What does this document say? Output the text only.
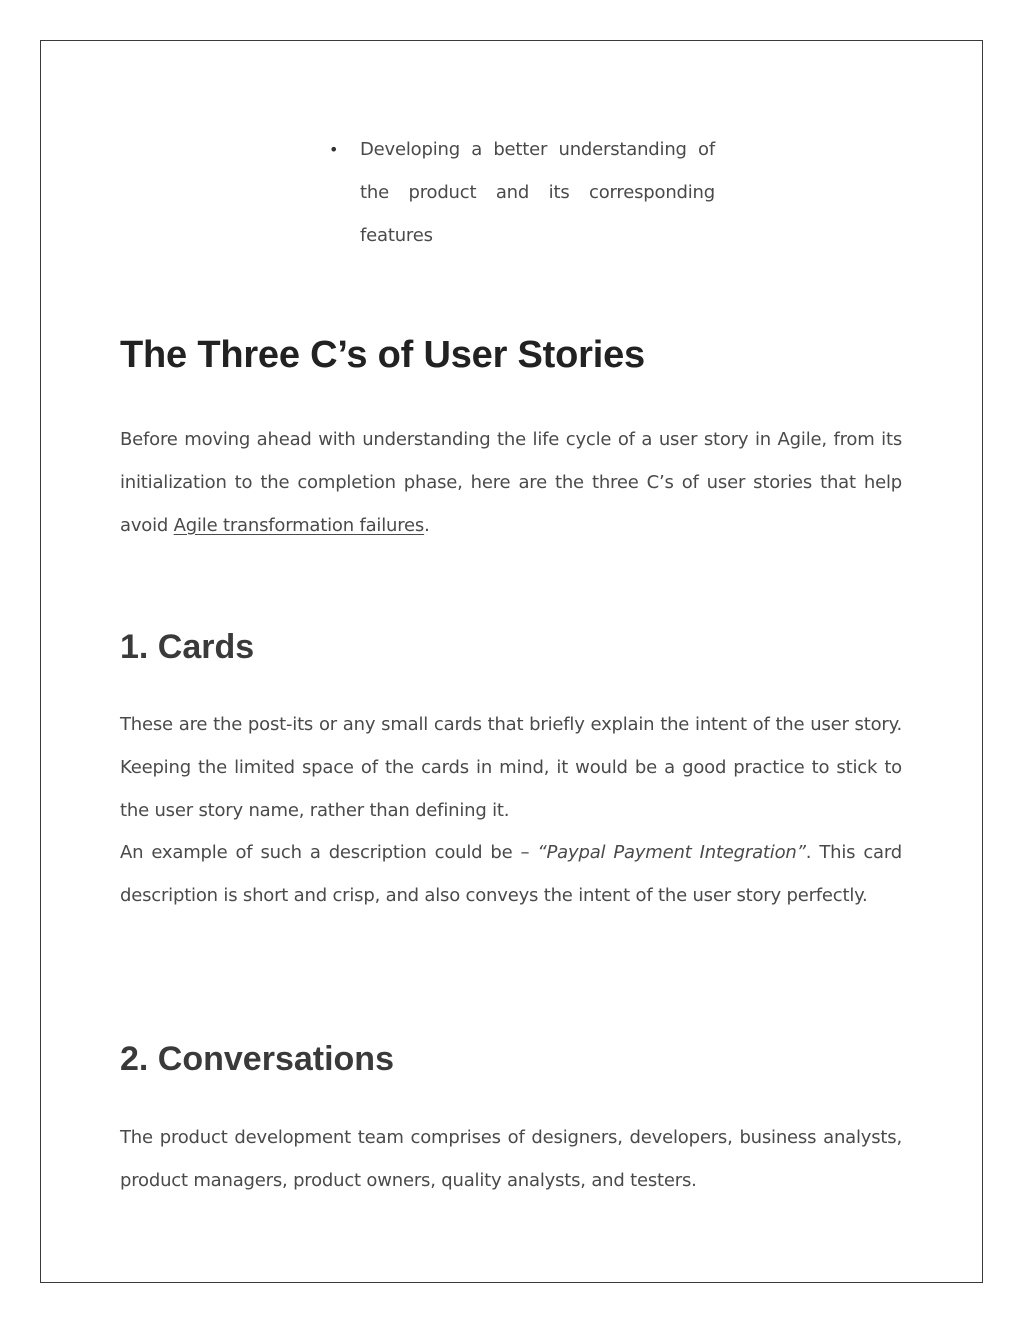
•	Developing a better understanding of the product and its corresponding features
The Three C’s of User Stories

Before moving ahead with understanding the life cycle of a user story in Agile, from its initialization to the completion phase, here are the three C’s of user stories that help avoid Agile transformation failures.

1. Cards

These are the post-its or any small cards that briefly explain the intent of the user story. Keeping the limited space of the cards in mind, it would be a good practice to stick to the user story name, rather than defining it.

An example of such a description could be – “Paypal Payment Integration”. This card description is short and crisp, and also conveys the intent of the user story perfectly.

2. Conversations

The product development team comprises of designers, developers, business analysts, product managers, product owners, quality analysts, and testers.
